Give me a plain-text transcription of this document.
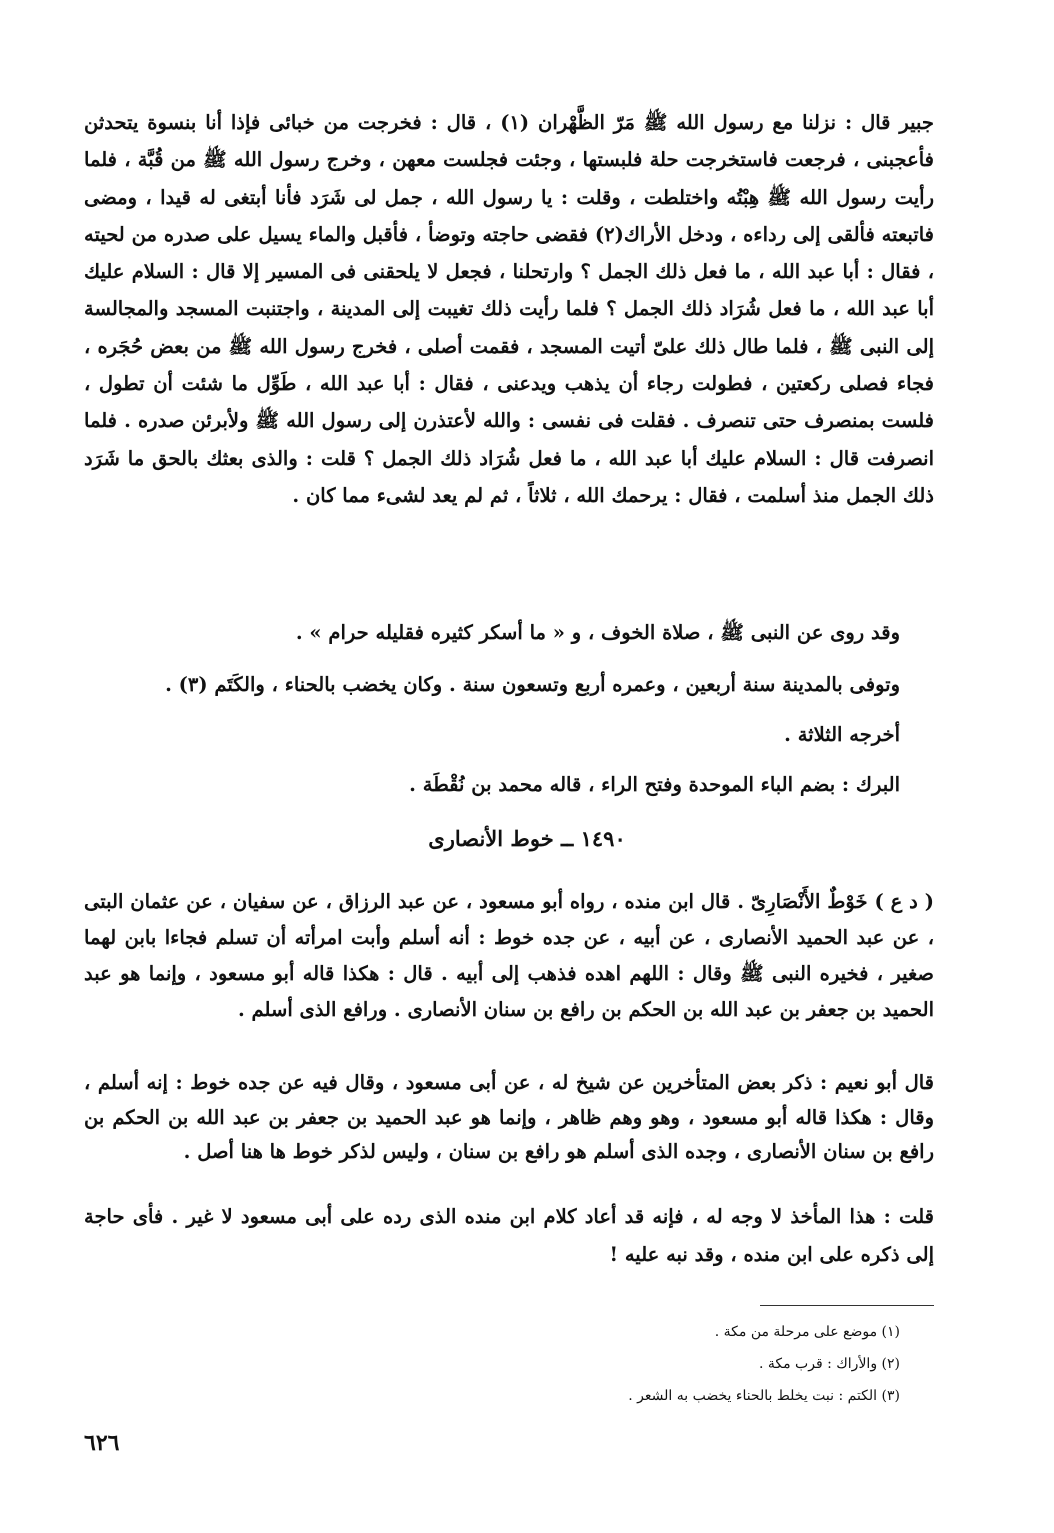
جبير قال : نزلنا مع رسول الله ﷺ مَرّ الظَّهْران (١) ، قال : فخرجت من خبائى فإذا أنا بنسوة يتحدثن فأعجبنى ، فرجعت فاستخرجت حلة فلبستها ، وجئت فجلست معهن ، وخرج رسول الله ﷺ من قُبَّة ، فلما رأيت رسول الله ﷺ هِبْتُه واختلطت ، وقلت : يا رسول الله ، جمل لى شَرَد فأنا أبتغى له قيدا ، ومضى فاتبعته فألقى إلى رداءه ، ودخل الأراك(٢) فقضى حاجته وتوضأ ، فأقبل والماء يسيل على صدره من لحيته ، فقال : أبا عبد الله ، ما فعل ذلك الجمل ؟ وارتحلنا ، فجعل لا يلحقنى فى المسير إلا قال : السلام عليك أبا عبد الله ، ما فعل شُرَاد ذلك الجمل ؟ فلما رأيت ذلك تغيبت إلى المدينة ، واجتنبت المسجد والمجالسة إلى النبى ﷺ ، فلما طال ذلك علىّ أتيت المسجد ، فقمت أصلى ، فخرج رسول الله ﷺ من بعض حُجَره ، فجاء فصلى ركعتين ، فطولت رجاء أن يذهب ويدعنى ، فقال : أبا عبد الله ، طَوِّل ما شئت أن تطول ، فلست بمنصرف حتى تنصرف . فقلت فى نفسى : والله لأعتذرن إلى رسول الله ﷺ ولأبرئن صدره . فلما انصرفت قال : السلام عليك أبا عبد الله ، ما فعل شُرَاد ذلك الجمل ؟ قلت : والذى بعثك بالحق ما شَرَد ذلك الجمل منذ أسلمت ، فقال : يرحمك الله ، ثلاثاً ، ثم لم يعد لشىء مما كان .

وقد روى عن النبى ﷺ ، صلاة الخوف ، و « ما أسكر كثيره فقليله حرام » .

وتوفى بالمدينة سنة أربعين ، وعمره أربع وتسعون سنة . وكان يخضب بالحناء ، والكَتَم (٣) .

أخرجه الثلاثة .

البرك : بضم الباء الموحدة وفتح الراء ، قاله محمد بن نُقْطَة .

١٤٩٠ ــ خوط الأنصارى

( د ع ) خَوْطٌ الأَنْصَارِىّ . قال ابن منده ، رواه أبو مسعود ، عن عبد الرزاق ، عن سفيان ، عن عثمان البتى ، عن عبد الحميد الأنصارى ، عن أبيه ، عن جده خوط : أنه أسلم وأبت امرأته أن تسلم فجاءا بابن لهما صغير ، فخيره النبى ﷺ وقال : اللهم اهده فذهب إلى أبيه . قال : هكذا قاله أبو مسعود ، وإنما هو عبد الحميد بن جعفر بن عبد الله بن الحكم بن رافع بن سنان الأنصارى . ورافع الذى أسلم .

قال أبو نعيم : ذكر بعض المتأخرين عن شيخ له ، عن أبى مسعود ، وقال فيه عن جده خوط : إنه أسلم ، وقال : هكذا قاله أبو مسعود ، وهو وهم ظاهر ، وإنما هو عبد الحميد بن جعفر بن عبد الله بن الحكم بن رافع بن سنان الأنصارى ، وجده الذى أسلم هو رافع بن سنان ، وليس لذكر خوط ها هنا أصل .

قلت : هذا المأخذ لا وجه له ، فإنه قد أعاد كلام ابن منده الذى رده على أبى مسعود لا غير . فأى حاجة إلى ذكره على ابن منده ، وقد نبه عليه !

(١) موضع على مرحلة من مكة .
(٢) والأراك : قرب مكة .
(٣) الكتم : نبت يخلط بالحناء يخضب به الشعر .
٦٢٦
